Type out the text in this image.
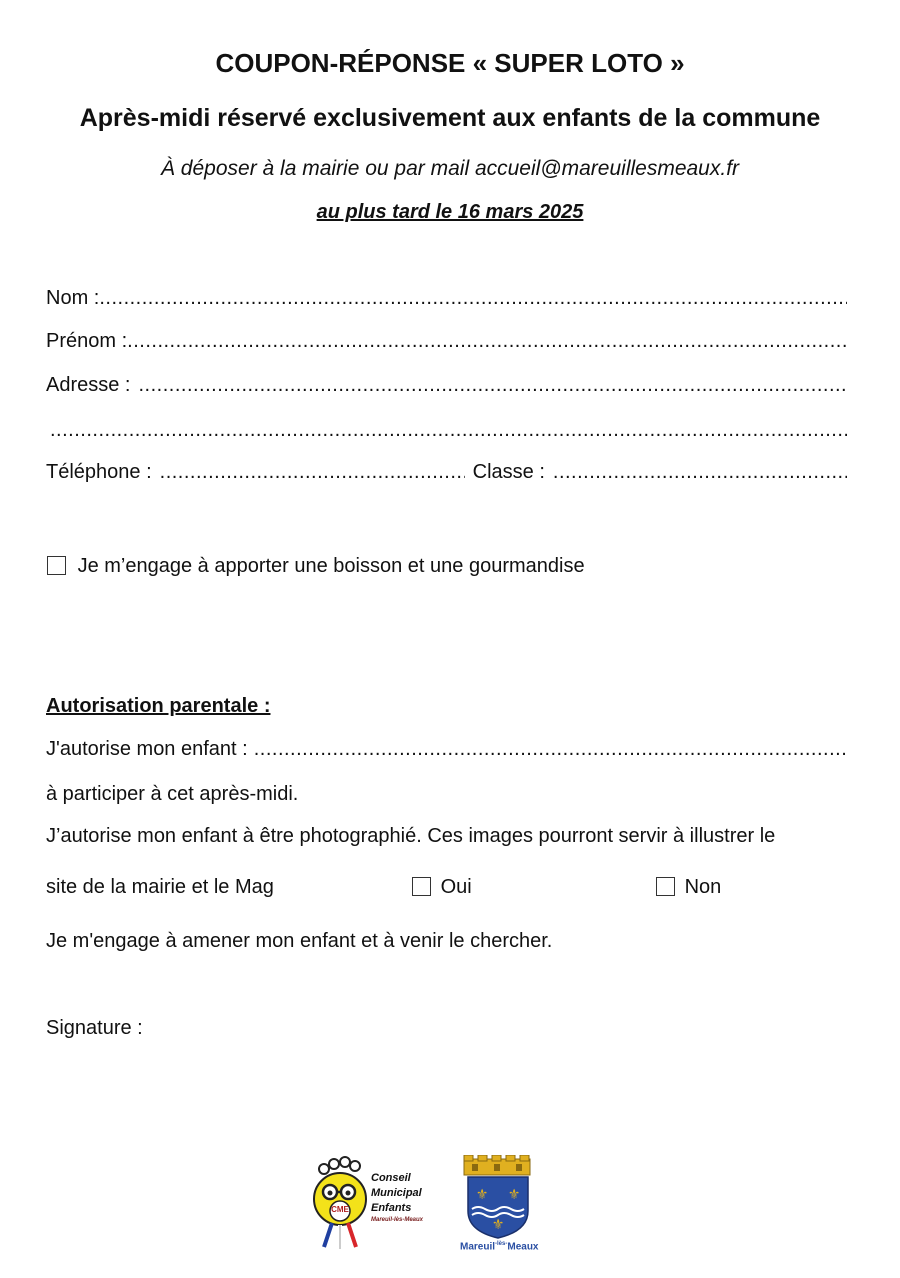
COUPON-RÉPONSE « SUPER LOTO »
Après-midi réservé exclusivement aux enfants de la commune
À déposer à la mairie ou par mail accueil@mareuillesmeaux.fr
au plus tard le 16 mars 2025
Nom :
.....
Prénom :
.....
Adresse :
.....
.....
Téléphone : .....	Classe :
.....
Je m’engage à apporter une boisson et une gourmandise
Autorisation parentale :
J'autorise mon enfant :
.....
à participer à cet après-midi.
J’autorise mon enfant à être photographié. Ces images pourront servir à illustrer le
site de la mairie et le Mag	Oui	Non
Je m'engage à amener mon enfant et à venir le chercher.
Signature :
CME
Conseil
Municipal
Enfants
Mareuil-lès-Meaux
⚜ ⚜
⚜
Mareuil$^{-lès-}$Meaux
